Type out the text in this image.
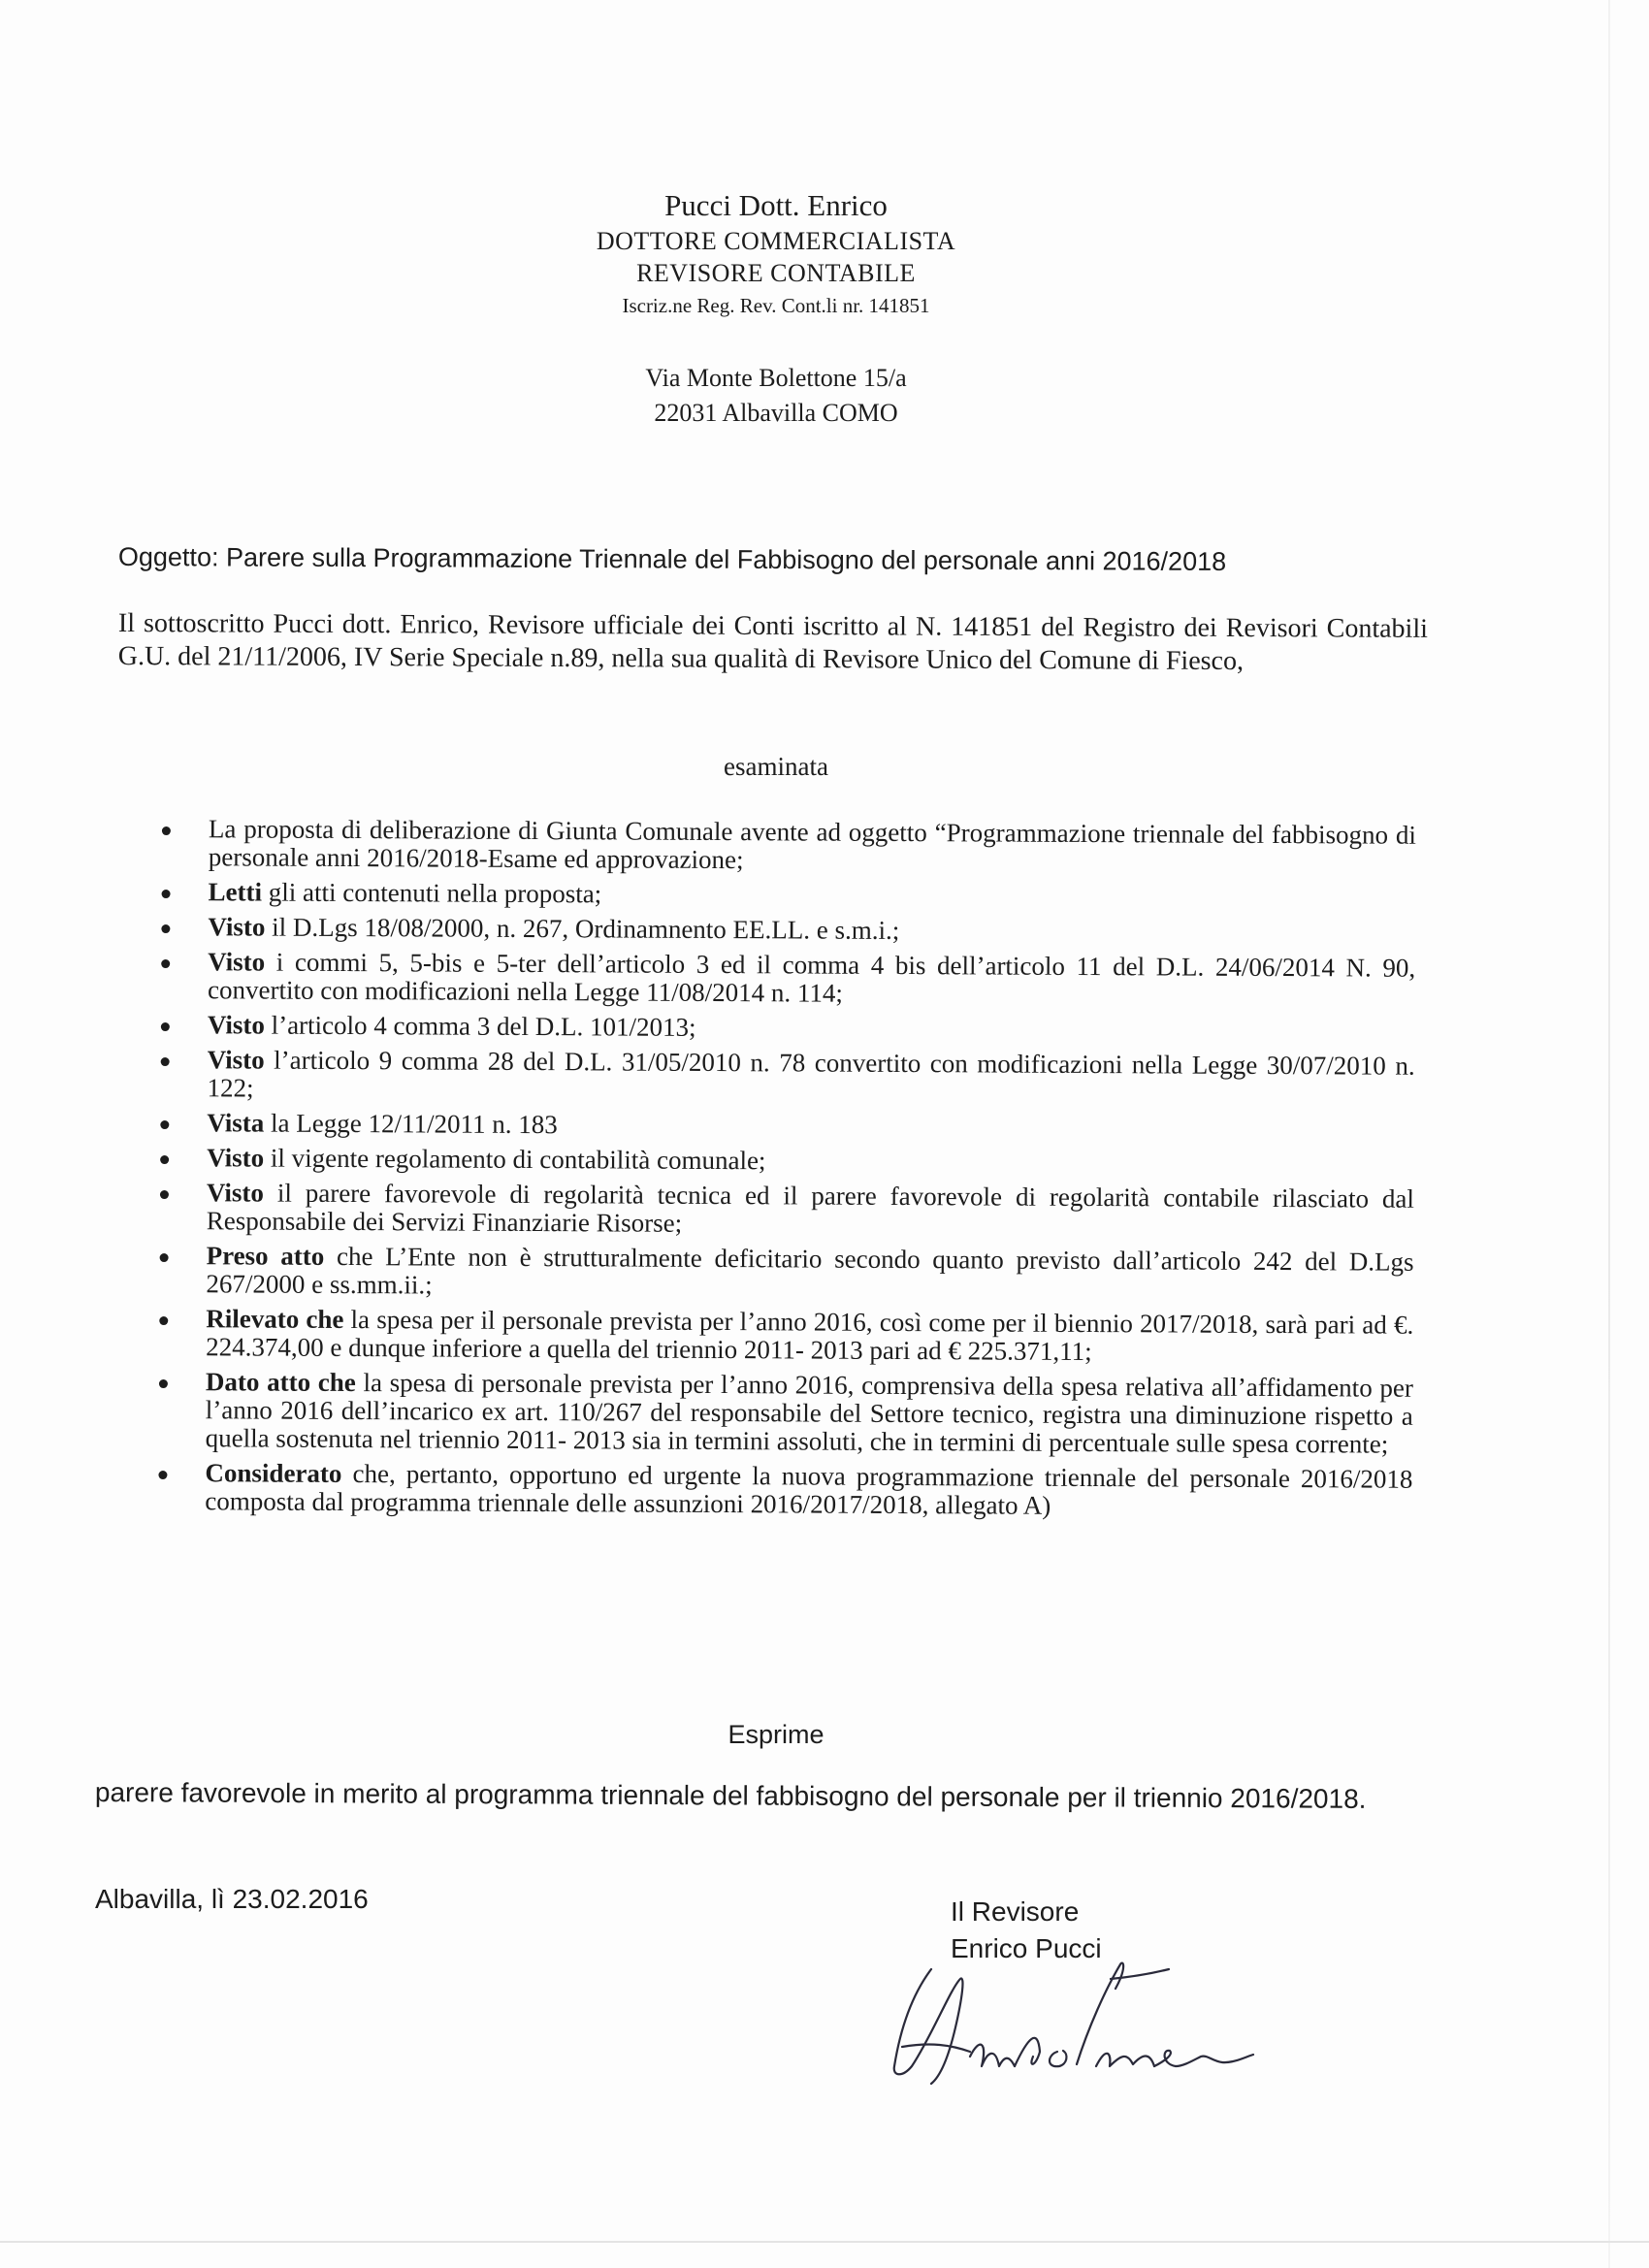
Pucci Dott. Enrico
DOTTORE COMMERCIALISTA
REVISORE CONTABILE
Iscriz.ne Reg. Rev. Cont.li nr. 141851
Via Monte Bolettone 15/a
22031 Albavilla COMO
Oggetto: Parere sulla Programmazione Triennale del Fabbisogno del personale anni 2016/2018
Il sottoscritto Pucci dott. Enrico, Revisore ufficiale dei Conti iscritto al N. 141851 del Registro dei Revisori Contabili G.U. del 21/11/2006, IV Serie Speciale n.89, nella sua qualità di Revisore Unico del Comune di Fiesco,
esaminata
La proposta di deliberazione di Giunta Comunale avente ad oggetto “Programmazione triennale del fabbisogno di personale anni 2016/2018-Esame ed approvazione;
Letti gli atti contenuti nella proposta;
Visto il D.Lgs 18/08/2000, n. 267, Ordinamnento EE.LL. e s.m.i.;
Visto i commi 5, 5-bis e 5-ter dell’articolo 3 ed il comma 4 bis dell’articolo 11 del D.L. 24/06/2014 N. 90, convertito con modificazioni nella Legge 11/08/2014 n. 114;
Visto l’articolo 4 comma 3 del D.L. 101/2013;
Visto l’articolo 9 comma 28 del D.L. 31/05/2010 n. 78 convertito con modificazioni nella Legge 30/07/2010 n. 122;
Vista la Legge 12/11/2011 n. 183
Visto il vigente regolamento di contabilità comunale;
Visto il parere favorevole di regolarità tecnica ed il parere favorevole di regolarità contabile rilasciato dal Responsabile dei Servizi Finanziarie Risorse;
Preso atto che L’Ente non è strutturalmente deficitario secondo quanto previsto dall’articolo 242 del D.Lgs 267/2000 e ss.mm.ii.;
Rilevato che la spesa per il personale prevista per l’anno 2016, così come per il biennio 2017/2018, sarà pari ad €. 224.374,00 e dunque inferiore a quella del triennio 2011- 2013 pari ad € 225.371,11;
Dato atto che la spesa di personale prevista per l’anno 2016, comprensiva della spesa relativa all’affidamento per l’anno 2016 dell’incarico ex art. 110/267 del responsabile del Settore tecnico, registra una diminuzione rispetto a quella sostenuta nel triennio 2011- 2013 sia in termini assoluti, che in termini di percentuale sulle spesa corrente;
Considerato che, pertanto, opportuno ed urgente la nuova programmazione triennale del personale 2016/2018 composta dal programma triennale delle assunzioni 2016/2017/2018, allegato A)
Esprime
parere favorevole in merito al programma triennale del fabbisogno del personale per il triennio 2016/2018.
Albavilla, lì 23.02.2016	Il Revisore
Enrico Pucci
